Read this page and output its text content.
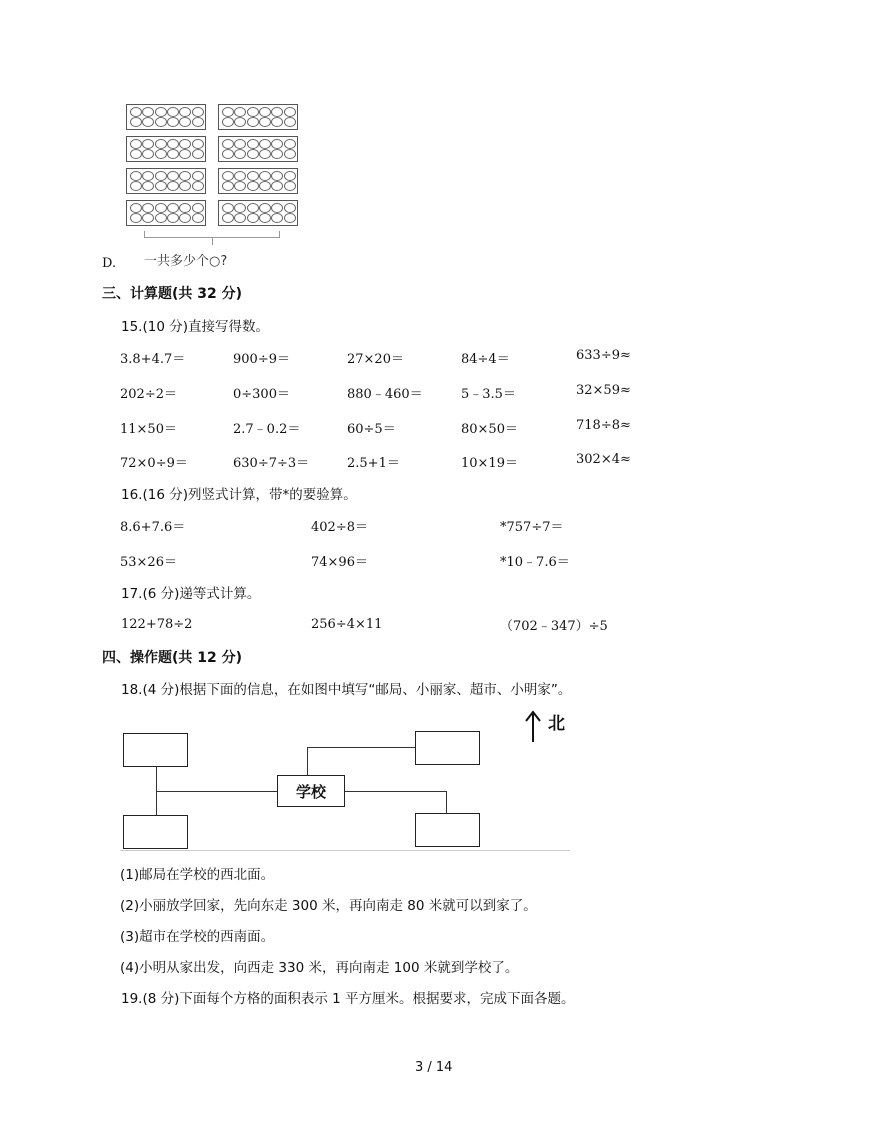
一共多少个○?
D.
三、计算题(共 32 分)
15.(10 分)直接写得数。
3.8+4.7＝	900÷9＝	27×20＝	84÷4＝	633÷9≈
202÷2＝	0÷300＝	880﹣460＝	5﹣3.5＝	32×59≈
11×50＝	2.7﹣0.2＝	60÷5＝	80×50＝	718÷8≈
72×0÷9＝	630÷7÷3＝	2.5+1＝	10×19＝	302×4≈
16.(16 分)列竖式计算，带*的要验算。
8.6+7.6＝	402÷8＝	*757÷7＝
53×26＝	74×96＝	*10﹣7.6＝
17.(6 分)递等式计算。
122+78÷2	256÷4×11	（702﹣347）÷5
四、操作题(共 12 分)
18.(4 分)根据下面的信息，在如图中填写“邮局、小丽家、超市、小明家”。
学校
北
(1)邮局在学校的西北面。
(2)小丽放学回家，先向东走 300 米，再向南走 80 米就可以到家了。
(3)超市在学校的西南面。
(4)小明从家出发，向西走 330 米，再向南走 100 米就到学校了。
19.(8 分)下面每个方格的面积表示 1 平方厘米。根据要求，完成下面各题。
3 / 14
